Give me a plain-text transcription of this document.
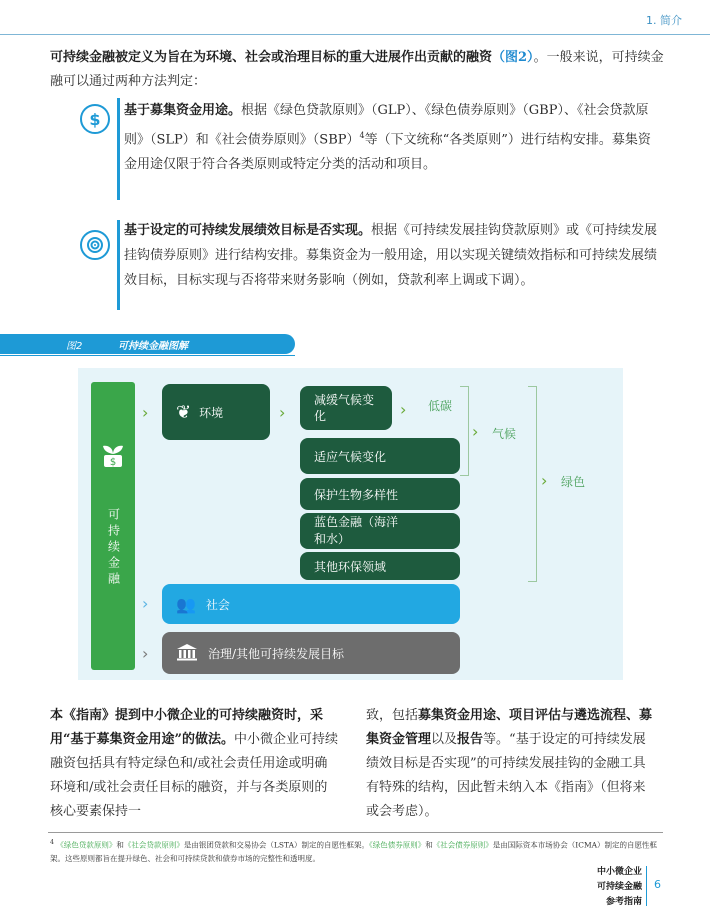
1. 简介
可持续金融被定义为旨在为环境、社会或治理目标的重大进展作出贡献的融资（图2）。一般来说，可持续金融可以通过两种方法判定：
$	基于募集资金用途。根据《绿色贷款原则》（GLP）、《绿色债券原则》（GBP）、《社会贷款原则》（SLP）和《社会债券原则》（SBP）$^4$等（下文统称“各类原则”）进行结构安排。募集资金用途仅限于符合各类原则或特定分类的活动和项目。
基于设定的可持续发展绩效目标是否实现。根据《可持续发展挂钩贷款原则》或《可持续发展挂钩债券原则》进行结构安排。募集资金为一般用途，用以实现关键绩效指标和可持续发展绩效目标，目标实现与否将带来财务影响（例如，贷款利率上调或下调）。
图2	可持续金融图解
$
可持续金融
›
›
›
❦ 环境	›
减缓气候变化	› 低碳
适应气候变化
保护生物多样性
蓝色金融（海洋和水）
其他环保领域
› 气候
› 绿色
👥 社会
治理/其他可持续发展目标
本《指南》提到中小微企业的可持续融资时，采用“基于募集资金用途”的做法。中小微企业可持续融资包括具有特定绿色和/或社会责任用途或明确环境和/或社会责任目标的融资，并与各类原则的核心要素保持一
致，包括募集资金用途、项目评估与遴选流程、募集资金管理以及报告等。“基于设定的可持续发展绩效目标是否实现”的可持续发展挂钩的金融工具有特殊的结构，因此暂未纳入本《指南》（但将来或会考虑）。
$^4$ 《绿色贷款原则》和《社会贷款原则》是由银团贷款和交易协会（LSTA）制定的自愿性框架。《绿色债券原则》和《社会债券原则》是由国际资本市场协会（ICMA）制定的自愿性框架。这些原则都旨在提升绿色、社会和可持续贷款和债券市场的完整性和透明度。
中小微企业
可持续金融
参考指南
6
